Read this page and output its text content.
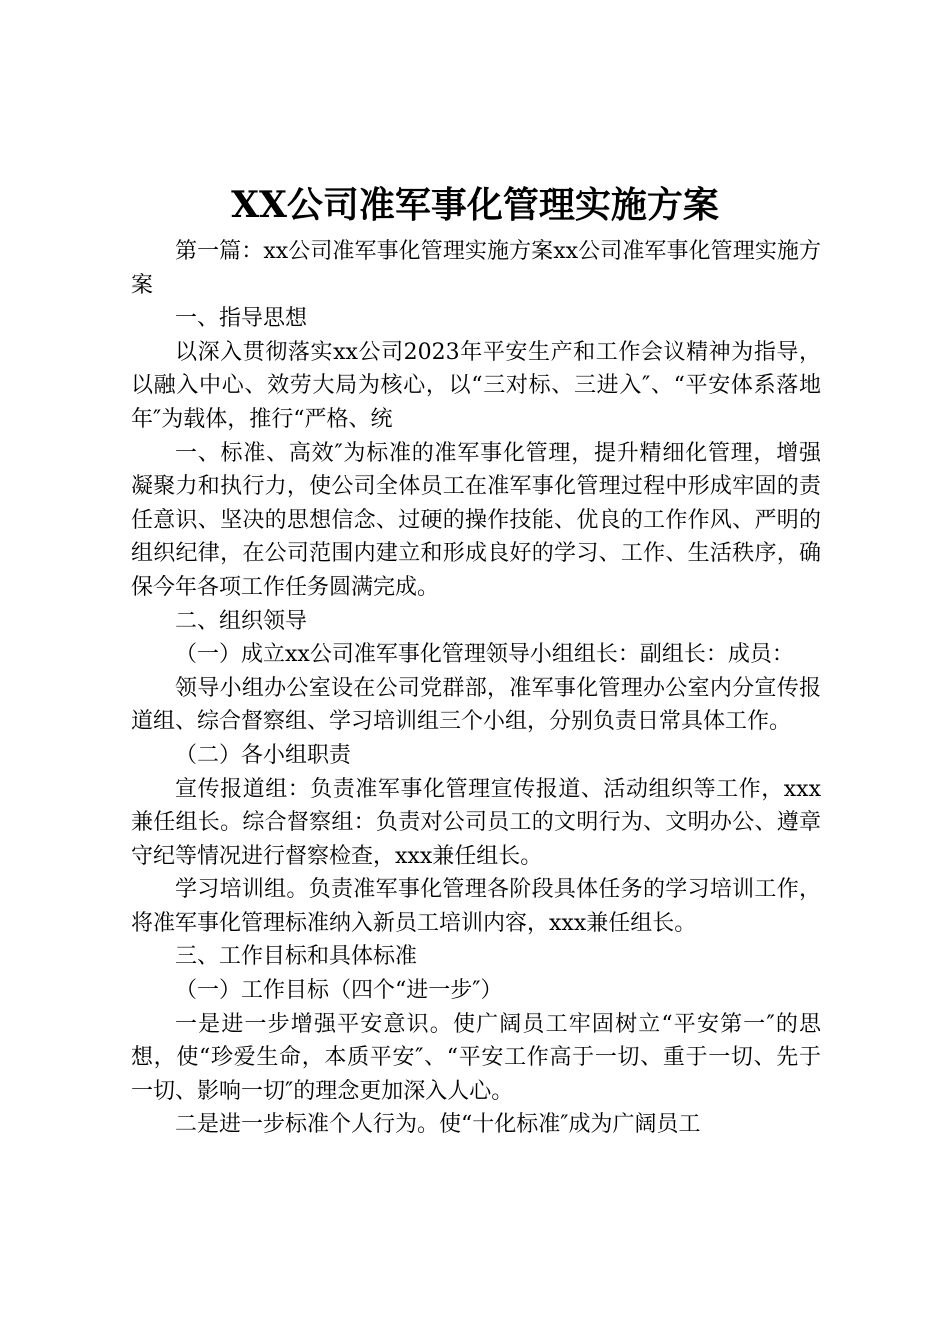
XX公司准军事化管理实施方案

第一篇：xx公司准军事化管理实施方案xx公司准军事化管理实施方案

一、指导思想

以深入贯彻落实xx公司2023年平安生产和工作会议精神为指导，以融入中心、效劳大局为核心，以“三对标、三进入″、“平安体系落地年″为载体，推行“严格、统

一、标准、高效″为标准的准军事化管理，提升精细化管理，增强凝聚力和执行力，使公司全体员工在准军事化管理过程中形成牢固的责任意识、坚决的思想信念、过硬的操作技能、优良的工作作风、严明的组织纪律，在公司范围内建立和形成良好的学习、工作、生活秩序，确保今年各项工作任务圆满完成。

二、组织领导

（一）成立xx公司准军事化管理领导小组组长：副组长：成员：

领导小组办公室设在公司党群部，准军事化管理办公室内分宣传报道组、综合督察组、学习培训组三个小组，分别负责日常具体工作。

（二）各小组职责

宣传报道组：负责准军事化管理宣传报道、活动组织等工作，xxx兼任组长。综合督察组：负责对公司员工的文明行为、文明办公、遵章守纪等情况进行督察检查，xxx兼任组长。

学习培训组。负责准军事化管理各阶段具体任务的学习培训工作，将准军事化管理标准纳入新员工培训内容，xxx兼任组长。

三、工作目标和具体标准

（一）工作目标（四个“进一步″）

一是进一步增强平安意识。使广阔员工牢固树立“平安第一″的思想，使“珍爱生命，本质平安″、“平安工作高于一切、重于一切、先于一切、影响一切″的理念更加深入人心。

二是进一步标准个人行为。使“十化标准″成为广阔员工
